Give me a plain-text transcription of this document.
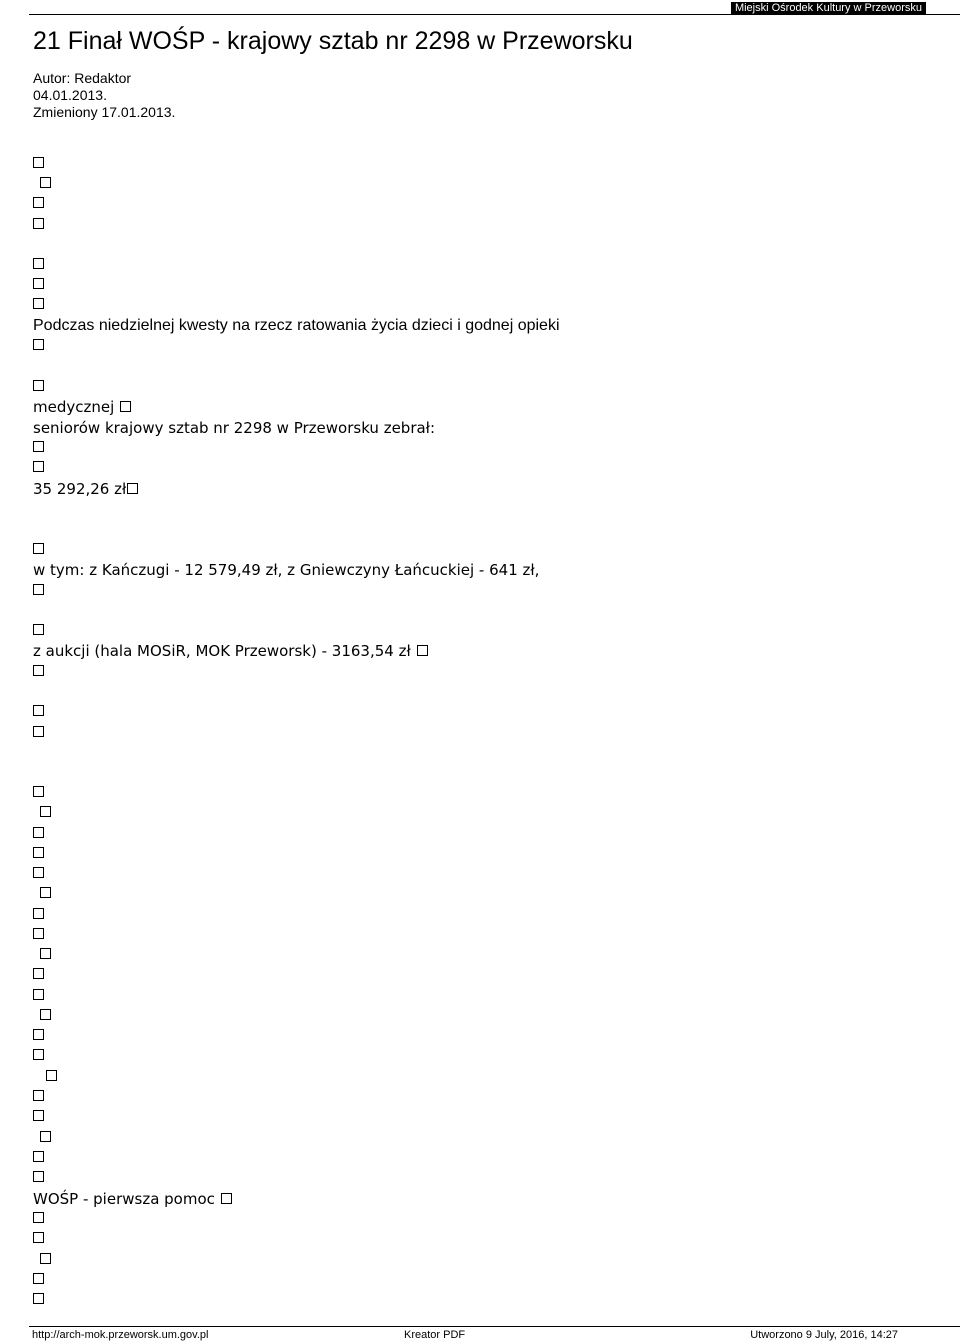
Miejski Ośrodek Kultury w Przeworsku
21 Finał WOŚP - krajowy sztab nr 2298 w Przeworsku
Autor: Redaktor
04.01.2013.
Zmieniony 17.01.2013.
Podczas niedzielnej kwesty na rzecz ratowania życia dzieci i godnej opieki
medycznej
seniorów krajowy sztab nr 2298 w Przeworsku zebrał:
35 292,26 zł
w tym: z Kańczugi - 12 579,49 zł, z Gniewczyny Łańcuckiej - 641 zł,
z aukcji (hala MOSiR, MOK Przeworsk) - 3163,54 zł
WOŚP - pierwsza pomoc
http://arch-mok.przeworsk.um.gov.pl	Kreator PDF	Utworzono 9 July, 2016, 14:27
